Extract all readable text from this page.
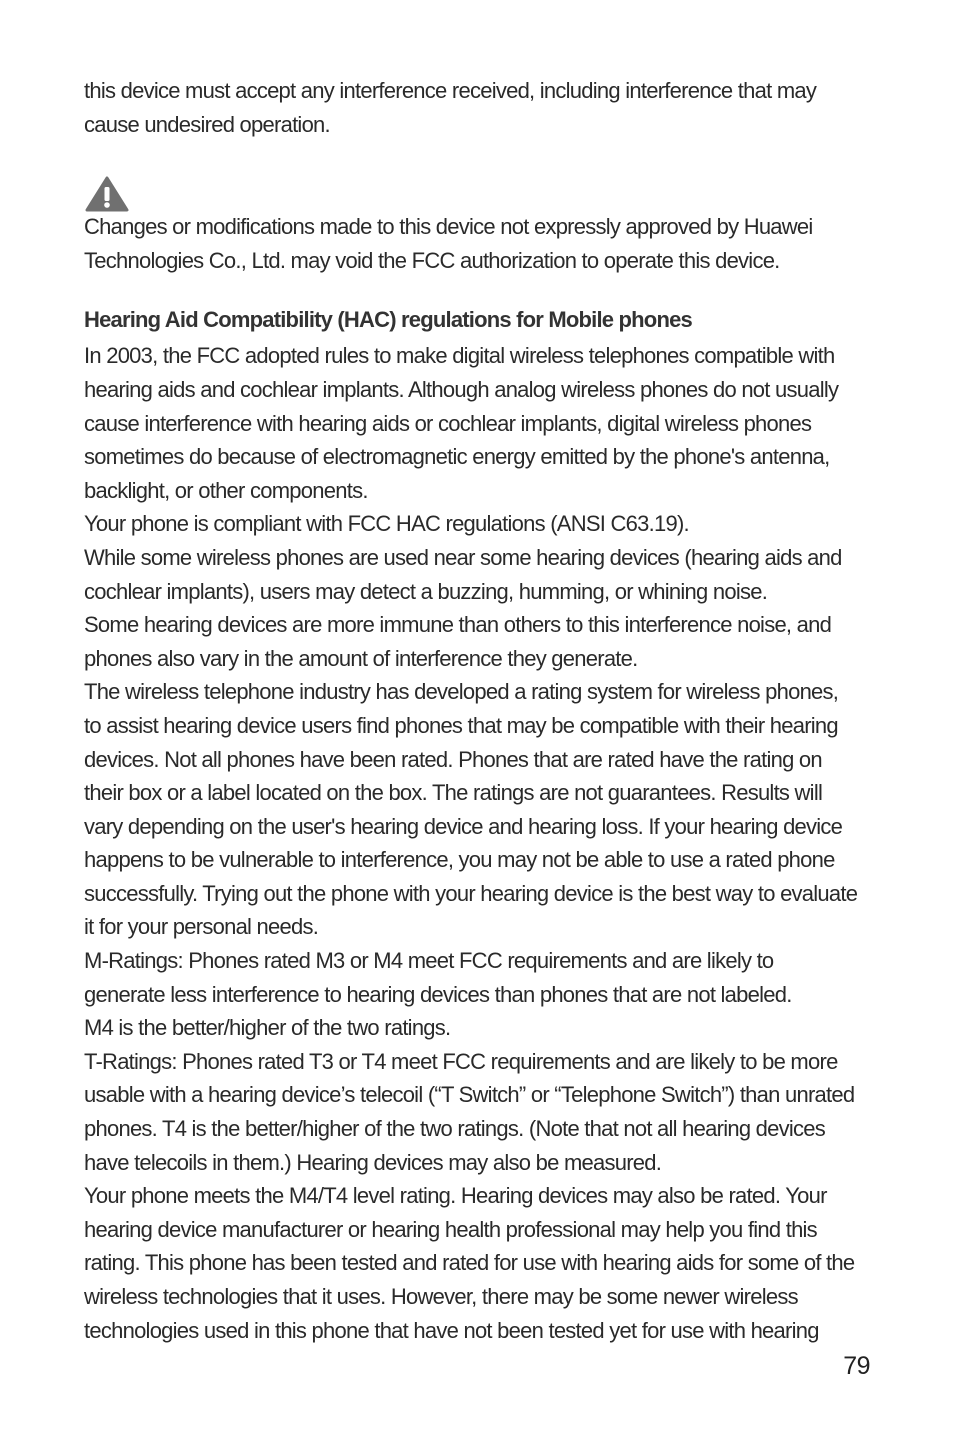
this device must accept any interference received, including interference that may
cause undesired operation.

Changes or modifications made to this device not expressly approved by Huawei
Technologies Co., Ltd. may void the FCC authorization to operate this device.

Hearing Aid Compatibility (HAC) regulations for Mobile phones

In 2003, the FCC adopted rules to make digital wireless telephones compatible with
hearing aids and cochlear implants. Although analog wireless phones do not usually
cause interference with hearing aids or cochlear implants, digital wireless phones
sometimes do because of electromagnetic energy emitted by the phone's antenna,
backlight, or other components.

Your phone is compliant with FCC HAC regulations (ANSI C63.19).

While some wireless phones are used near some hearing devices (hearing aids and
cochlear implants), users may detect a buzzing, humming, or whining noise.

Some hearing devices are more immune than others to this interference noise, and
phones also vary in the amount of interference they generate.

The wireless telephone industry has developed a rating system for wireless phones,
to assist hearing device users find phones that may be compatible with their hearing
devices. Not all phones have been rated. Phones that are rated have the rating on
their box or a label located on the box. The ratings are not guarantees. Results will
vary depending on the user's hearing device and hearing loss. If your hearing device
happens to be vulnerable to interference, you may not be able to use a rated phone
successfully. Trying out the phone with your hearing device is the best way to evaluate
it for your personal needs.

M-Ratings: Phones rated M3 or M4 meet FCC requirements and are likely to
generate less interference to hearing devices than phones that are not labeled.

M4 is the better/higher of the two ratings.

T-Ratings: Phones rated T3 or T4 meet FCC requirements and are likely to be more
usable with a hearing device’s telecoil (“T Switch” or “Telephone Switch”) than unrated
phones. T4 is the better/higher of the two ratings. (Note that not all hearing devices
have telecoils in them.) Hearing devices may also be measured.

Your phone meets the M4/T4 level rating. Hearing devices may also be rated. Your
hearing device manufacturer or hearing health professional may help you find this
rating. This phone has been tested and rated for use with hearing aids for some of the
wireless technologies that it uses. However, there may be some newer wireless
technologies used in this phone that have not been tested yet for use with hearing

79
